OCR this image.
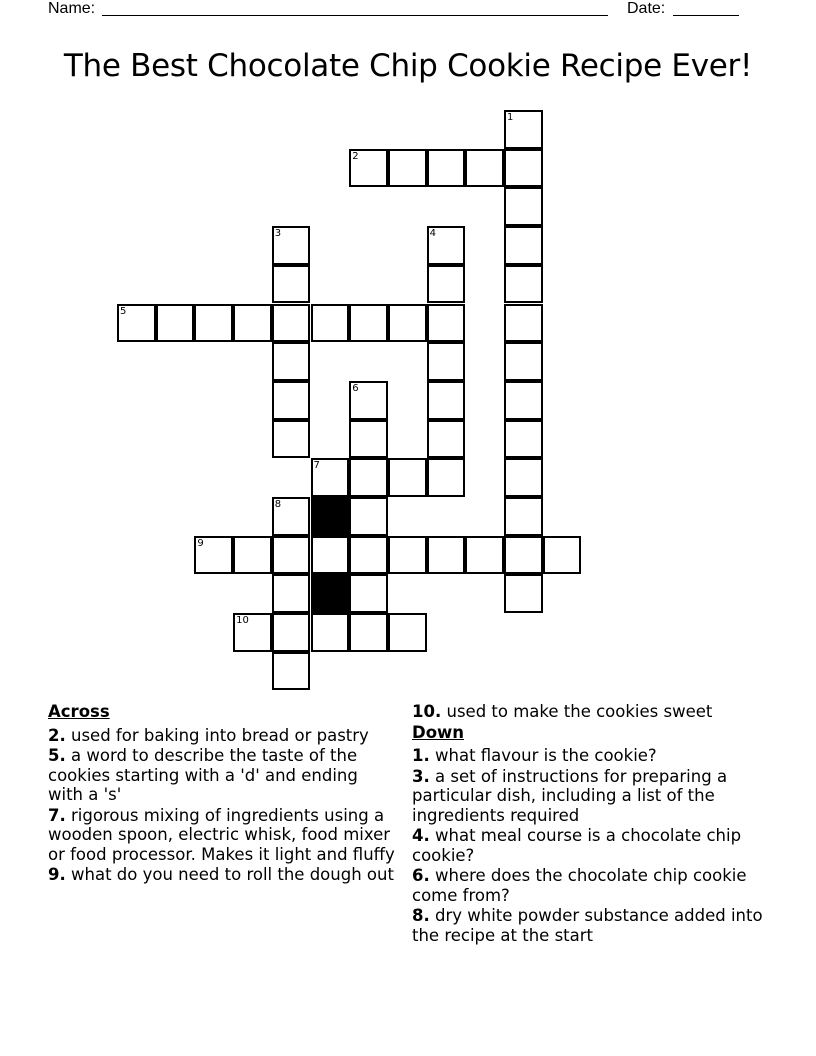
Name:	Date:
The Best Chocolate Chip Cookie Recipe Ever!
1
2
3	4
5
6
7
8
9
10
Across
2. used for baking into bread or pastry
5. a word to describe the taste of the cookies starting with a 'd' and ending with a 's'
7. rigorous mixing of ingredients using a wooden spoon, electric whisk, food mixer or food processor. Makes it light and fluffy
9. what do you need to roll the dough out
10. used to make the cookies sweet
Down
1. what flavour is the cookie?
3. a set of instructions for preparing a particular dish, including a list of the ingredients required
4. what meal course is a chocolate chip cookie?
6. where does the chocolate chip cookie come from?
8. dry white powder substance added into the recipe at the start
